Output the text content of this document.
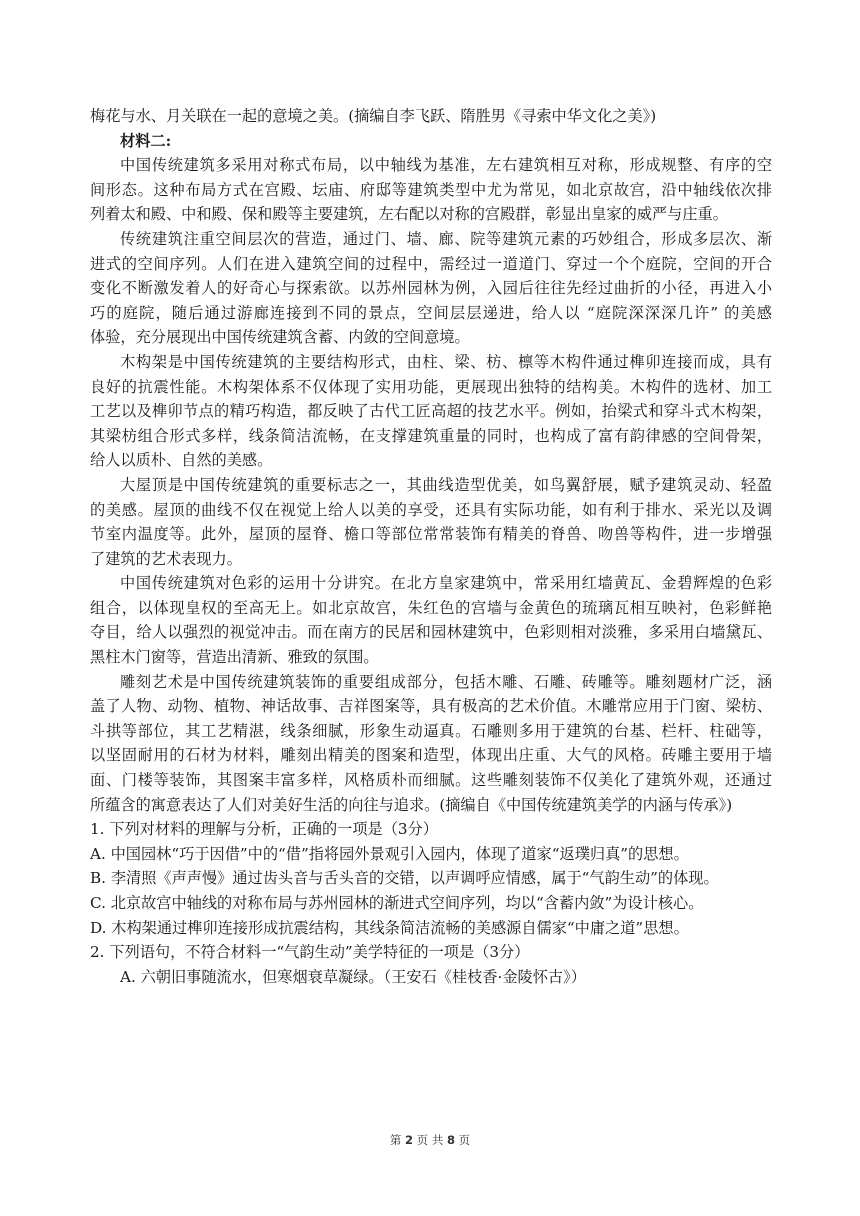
梅花与水、月关联在一起的意境之美。(摘编自李飞跃、隋胜男《寻索中华文化之美》)

材料二:

中国传统建筑多采用对称式布局，以中轴线为基准，左右建筑相互对称，形成规整、有序的空

间形态。这种布局方式在宫殿、坛庙、府邸等建筑类型中尤为常见，如北京故宫，沿中轴线依次排

列着太和殿、中和殿、保和殿等主要建筑，左右配以对称的宫殿群，彰显出皇家的威严与庄重。

传统建筑注重空间层次的营造，通过门、墙、廊、院等建筑元素的巧妙组合，形成多层次、渐

进式的空间序列。人们在进入建筑空间的过程中，需经过一道道门、穿过一个个庭院，空间的开合

变化不断激发着人的好奇心与探索欲。以苏州园林为例，入园后往往先经过曲折的小径，再进入小

巧的庭院，随后通过游廊连接到不同的景点，空间层层递进，给人以 “庭院深深深几许” 的美感

体验，充分展现出中国传统建筑含蓄、内敛的空间意境。

木构架是中国传统建筑的主要结构形式，由柱、梁、枋、檩等木构件通过榫卯连接而成，具有

良好的抗震性能。木构架体系不仅体现了实用功能，更展现出独特的结构美。木构件的选材、加工

工艺以及榫卯节点的精巧构造，都反映了古代工匠高超的技艺水平。例如，抬梁式和穿斗式木构架，

其梁枋组合形式多样，线条简洁流畅，在支撑建筑重量的同时，也构成了富有韵律感的空间骨架，

给人以质朴、自然的美感。

大屋顶是中国传统建筑的重要标志之一，其曲线造型优美，如鸟翼舒展，赋予建筑灵动、轻盈

的美感。屋顶的曲线不仅在视觉上给人以美的享受，还具有实际功能，如有利于排水、采光以及调

节室内温度等。此外，屋顶的屋脊、檐口等部位常常装饰有精美的脊兽、吻兽等构件，进一步增强

了建筑的艺术表现力。

中国传统建筑对色彩的运用十分讲究。在北方皇家建筑中，常采用红墙黄瓦、金碧辉煌的色彩

组合，以体现皇权的至高无上。如北京故宫，朱红色的宫墙与金黄色的琉璃瓦相互映衬，色彩鲜艳

夺目，给人以强烈的视觉冲击。而在南方的民居和园林建筑中，色彩则相对淡雅，多采用白墙黛瓦、

黑柱木门窗等，营造出清新、雅致的氛围。

雕刻艺术是中国传统建筑装饰的重要组成部分，包括木雕、石雕、砖雕等。雕刻题材广泛，涵

盖了人物、动物、植物、神话故事、吉祥图案等，具有极高的艺术价值。木雕常应用于门窗、梁枋、

斗拱等部位，其工艺精湛，线条细腻，形象生动逼真。石雕则多用于建筑的台基、栏杆、柱础等，

以坚固耐用的石材为材料，雕刻出精美的图案和造型，体现出庄重、大气的风格。砖雕主要用于墙

面、门楼等装饰，其图案丰富多样，风格质朴而细腻。这些雕刻装饰不仅美化了建筑外观，还通过

所蕴含的寓意表达了人们对美好生活的向往与追求。(摘编自《中国传统建筑美学的内涵与传承》)

1. 下列对材料的理解与分析，正确的一项是（3分）

A. 中国园林“巧于因借”中的“借”指将园外景观引入园内，体现了道家“返璞归真”的思想。

B. 李清照《声声慢》通过齿头音与舌头音的交错，以声调呼应情感，属于“气韵生动”的体现。

C. 北京故宫中轴线的对称布局与苏州园林的渐进式空间序列，均以“含蓄内敛”为设计核心。

D. 木构架通过榫卯连接形成抗震结构，其线条简洁流畅的美感源自儒家“中庸之道”思想。

2. 下列语句，不符合材料一“气韵生动”美学特征的一项是（3分）

A. 六朝旧事随流水，但寒烟衰草凝绿。（王安石《桂枝香·金陵怀古》）

第 2 页 共 8 页
